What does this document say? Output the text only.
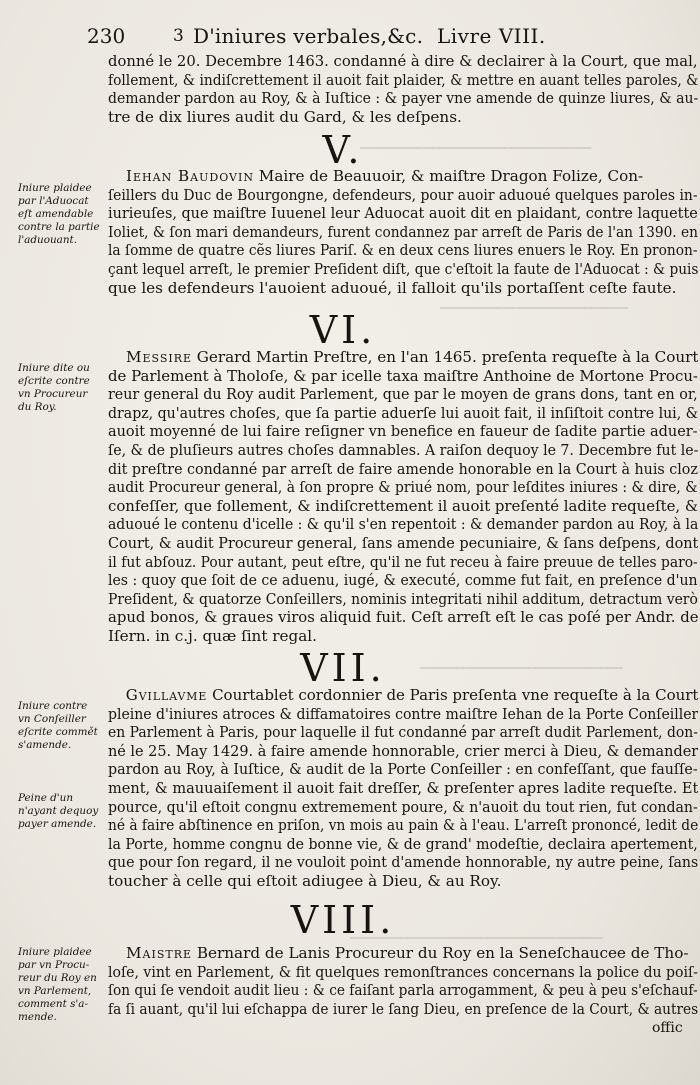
━━━━━━━━━━━━━━━━━━━━━━━━━━━━━━━━
━━━━━━━━━━━━━━━━━━━━━━━━━━
━━━━━━━━━━━━━━━━━━━━━━━━━━━━
━━━━━━━━━━━━━━━━━━━━━━━━━━━━━━━━━━━
230	3 D'iniures verbales,&c. Livre VIII.
donné le 20. Decembre 1463. condanné à dire & declairer à la Court, que mal,
follement, & indiſcrettement il auoit fait plaider, & mettre en auant telles paroles, &
demander pardon au Roy, & à Iuſtice : & payer vne amende de quinze liures, & au-
tre de dix liures audit du Gard, & les deſpens.
V.
Iniure plaidee
par l'Aduocat
eſt amendable
contre la partie
l'aduouant.
Iehan Baudovin Maire de Beauuoir, & maiſtre Dragon Folize, Con-
ſeillers du Duc de Bourgongne, defendeurs, pour auoir aduoué quelques paroles in-
iurieuſes, que maiſtre Iuuenel leur Aduocat auoit dit en plaidant, contre laquette
Ioliet, & ſon mari demandeurs, furent condannez par arreſt de Paris de l'an 1390. en
la ſomme de quatre cẽs liures Pariſ. & en deux cens liures enuers le Roy. En pronon-
çant lequel arreſt, le premier Preſident diſt, que c'eſtoit la faute de l'Aduocat : & puis
que les defendeurs l'auoient aduoué, il falloit qu'ils portaſſent ceſte faute.
VI.
Iniure dite ou
eſcrite contre
vn Procureur
du Roy.
Messire Gerard Martin Preſtre, en l'an 1465. preſenta requeſte à la Court
de Parlement à Tholoſe, & par icelle taxa maiſtre Anthoine de Mortone Procu-
reur general du Roy audit Parlement, que par le moyen de grans dons, tant en or,
drapz, qu'autres choſes, que ſa partie aduerſe lui auoit fait, il inſiſtoit contre lui, &
auoit moyenné de lui faire reſigner vn benefice en faueur de ſadite partie aduer-
ſe, & de pluſieurs autres choſes damnables. A raiſon dequoy le 7. Decembre fut le-
dit preſtre condanné par arreſt de faire amende honorable en la Court à huis cloz
audit Procureur general, à ſon propre & priué nom, pour leſdites iniures : & dire, &
confeſſer, que follement, & indiſcrettement il auoit preſenté ladite requeſte, &
aduoué le contenu d'icelle : & qu'il s'en repentoit : & demander pardon au Roy, à la
Court, & audit Procureur general, ſans amende pecuniaire, & ſans deſpens, dont
il fut abſouz. Pour autant, peut eſtre, qu'il ne fut receu à faire preuue de telles paro-
les : quoy que ſoit de ce aduenu, iugé, & executé, comme fut fait, en preſence d'un
Preſident, & quatorze Conſeillers, nominis integritati nihil additum, detractum verò
apud bonos, & graues viros aliquid fuit. Ceſt arreſt eſt le cas poſé per Andr. de
Iſern. in c.j. quæ ſint regal.
VII.
Iniure contre
vn Conſeiller
eſcrite commět
s'amende.
Peine d'un
n'ayant dequoy
payer amende.
Gvillavme Courtablet cordonnier de Paris preſenta vne requeſte à la Court
pleine d'iniures atroces & diffamatoires contre maiſtre Iehan de la Porte Conſeiller
en Parlement à Paris, pour laquelle il fut condanné par arreſt dudit Parlement, don-
né le 25. May 1429. à faire amende honnorable, crier merci à Dieu, & demander
pardon au Roy, à Iuſtice, & audit de la Porte Conſeiller : en confeſſant, que fauſſe-
ment, & mauuaiſement il auoit fait dreſſer, & preſenter apres ladite requeſte. Et
pource, qu'il eſtoit congnu extremement poure, & n'auoit du tout rien, fut condan-
né à faire abſtinence en priſon, vn mois au pain & à l'eau. L'arreſt prononcé, ledit de
la Porte, homme congnu de bonne vie, & de grand' modeſtie, declaira apertement,
que pour ſon regard, il ne vouloit point d'amende honnorable, ny autre peine, ſans
toucher à celle qui eſtoit adiugee à Dieu, & au Roy.
VIII.
Iniure plaidee
par vn Procu-
reur du Roy en
vn Parlement,
comment s'a-
mende.
Maistre Bernard de Lanis Procureur du Roy en la Seneſchaucee de Tho-
loſe, vint en Parlement, & fit quelques remonſtrances concernans la police du poiſ-
ſon qui ſe vendoit audit lieu : & ce faiſant parla arrogamment, & peu à peu s'eſchauf-
fa ſi auant, qu'il lui eſchappa de iurer le ſang Dieu, en preſence de la Court, & autres
offic
